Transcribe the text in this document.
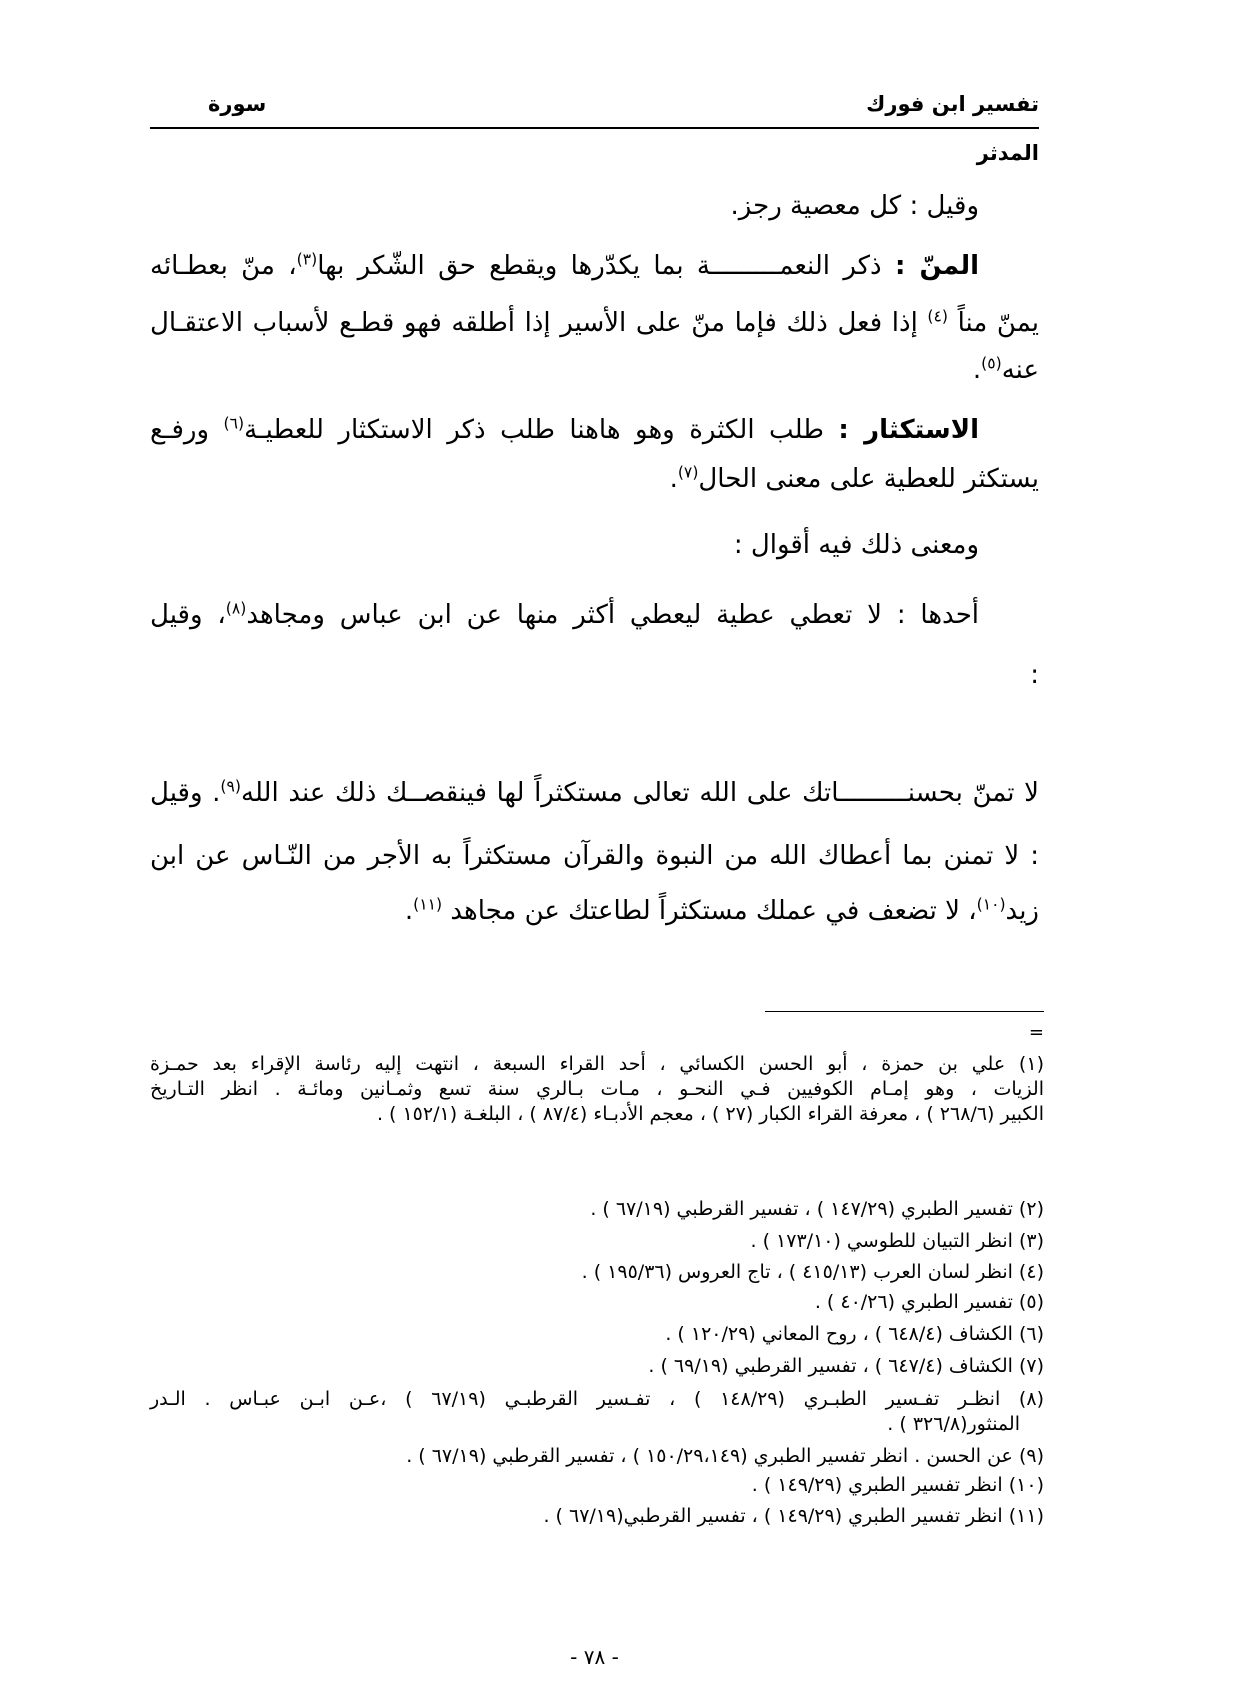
تفسير ابن فورك
سورة
المدثر
وقيل : كل معصية رجز.
المنّ : ذكر النعمـــــــــة بما يكدّرها ويقطع حق الشّكر بها$^{(٣)}$، منّ بعطـائه
يمنّ مناً $^{(٤)}$ إذا فعل ذلك فإما منّ على الأسير إذا أطلقه فهو قطـع لأسباب الاعتقـال
عنه$^{(٥)}$.
الاستكثار : طلب الكثرة وهو هاهنا طلب ذكر الاستكثار للعطيـة$^{(٦)}$ ورفـع
يستكثر للعطية على معنى الحال$^{(٧)}$.
ومعنى ذلك فيه أقوال :
أحدها : لا تعطي عطية ليعطي أكثر منها عن ابن عباس ومجاهد$^{(٨)}$، وقيل
:
لا تمنّ بحسنـــــــــاتك على الله تعالى مستكثراً لها فينقصــك ذلك عند الله$^{(٩)}$. وقيل
: لا تمنن بما أعطاك الله من النبوة والقرآن مستكثراً به الأجر من النّـاس عن ابن
زيد$^{(١٠)}$، لا تضعف في عملك مستكثراً لطاعتك عن مجاهد $^{(١١)}$.
=
(١) علي بن حمزة ، أبو الحسن الكسائي ، أحد القراء السبعة ، انتهت إليه رئاسة الإقراء بعد حمـزة
الزيات ، وهو إمـام الكوفيين فـي النحـو ، مـات بـالري سنة تسع وثمـانين ومائـة . انظر التـاريخ
الكبير (٢٦٨/٦ ) ، معرفة القراء الكبار (٢٧ ) ، معجم الأدبـاء (٨٧/٤ ) ، البلغـة (١٥٢/١ ) .
(٢) تفسير الطبري (١٤٧/٢٩ ) ، تفسير القرطبي (٦٧/١٩ ) .
(٣) انظر التبيان للطوسي (١٧٣/١٠ ) .
(٤) انظر لسان العرب (٤١٥/١٣ ) ، تاج العروس (١٩٥/٣٦ ) .
(٥) تفسير الطبري (٤٠/٢٦ ) .
(٦) الكشاف (٦٤٨/٤ ) ، روح المعاني (١٢٠/٢٩ ) .
(٧) الكشاف (٦٤٧/٤ ) ، تفسير القرطبي (٦٩/١٩ ) .
(٨) انظـر تفـسير الطبـري (١٤٨/٢٩ ) ، تفـسير القرطبـي (٦٧/١٩ ) ،عـن ابـن عبـاس . الـدر
المنثور(٣٢٦/٨ ) .
(٩) عن الحسن . انظر تفسير الطبري (١٥٠/٢٩،١٤٩ ) ، تفسير القرطبي (٦٧/١٩ ) .
(١٠) انظر تفسير الطبري (١٤٩/٢٩ ) .
(١١) انظر تفسير الطبري (١٤٩/٢٩ ) ، تفسير القرطبي(٦٧/١٩ ) .
- ٧٨ -
